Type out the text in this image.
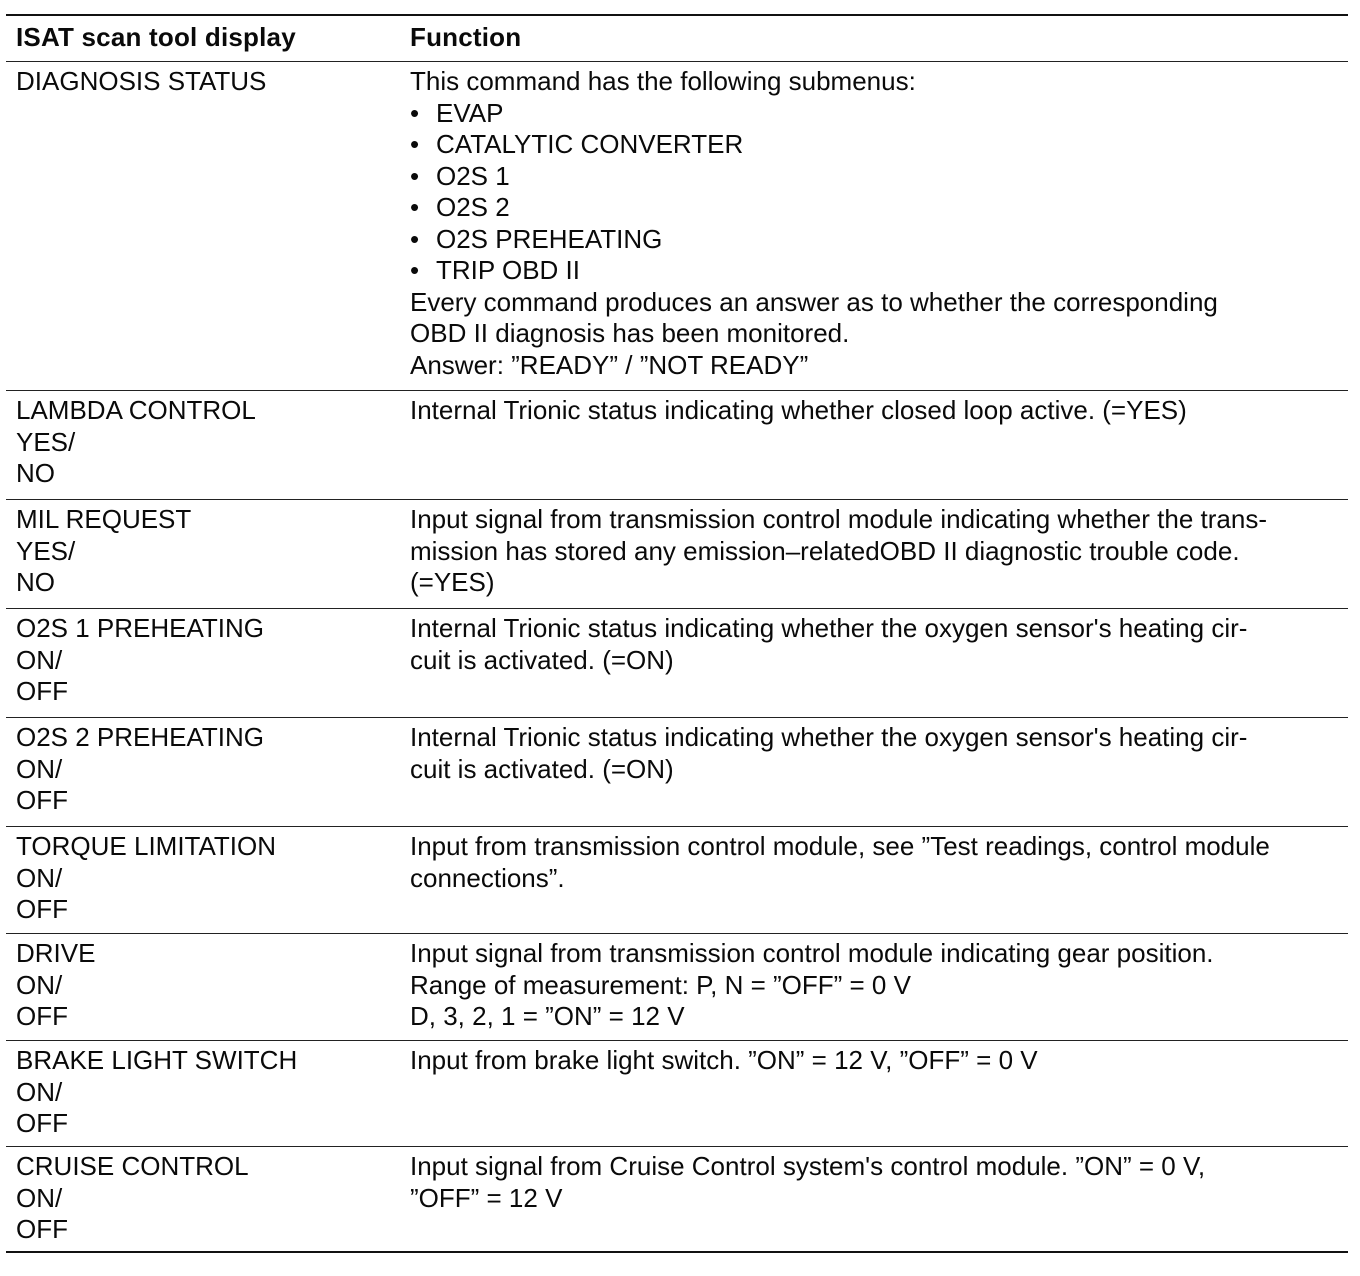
ISAT scan tool display	Function
DIAGNOSIS STATUS	This command has the following submenus:
• EVAP
• CATALYTIC CONVERTER
• O2S 1
• O2S 2
• O2S PREHEATING
• TRIP OBD II
Every command produces an answer as to whether the corresponding
OBD II diagnosis has been monitored.
Answer: ”READY” / ”NOT READY”
LAMBDA CONTROL
YES/
NO
Internal Trionic status indicating whether closed loop active. (=YES)
MIL REQUEST
YES/
NO
Input signal from transmission control module indicating whether the trans-
mission has stored any emission–relatedOBD II diagnostic trouble code.
(=YES)
O2S 1 PREHEATING
ON/
OFF
Internal Trionic status indicating whether the oxygen sensor's heating cir-
cuit is activated. (=ON)
O2S 2 PREHEATING
ON/
OFF
Internal Trionic status indicating whether the oxygen sensor's heating cir-
cuit is activated. (=ON)
TORQUE LIMITATION
ON/
OFF
Input from transmission control module, see ”Test readings, control module
connections”.
DRIVE
ON/
OFF
Input signal from transmission control module indicating gear position.
Range of measurement: P, N = ”OFF” = 0 V
D, 3, 2, 1 = ”ON” = 12 V
BRAKE LIGHT SWITCH
ON/
OFF
Input from brake light switch. ”ON” = 12 V, ”OFF” = 0 V
CRUISE CONTROL
ON/
OFF
Input signal from Cruise Control system's control module. ”ON” = 0 V,
”OFF” = 12 V
